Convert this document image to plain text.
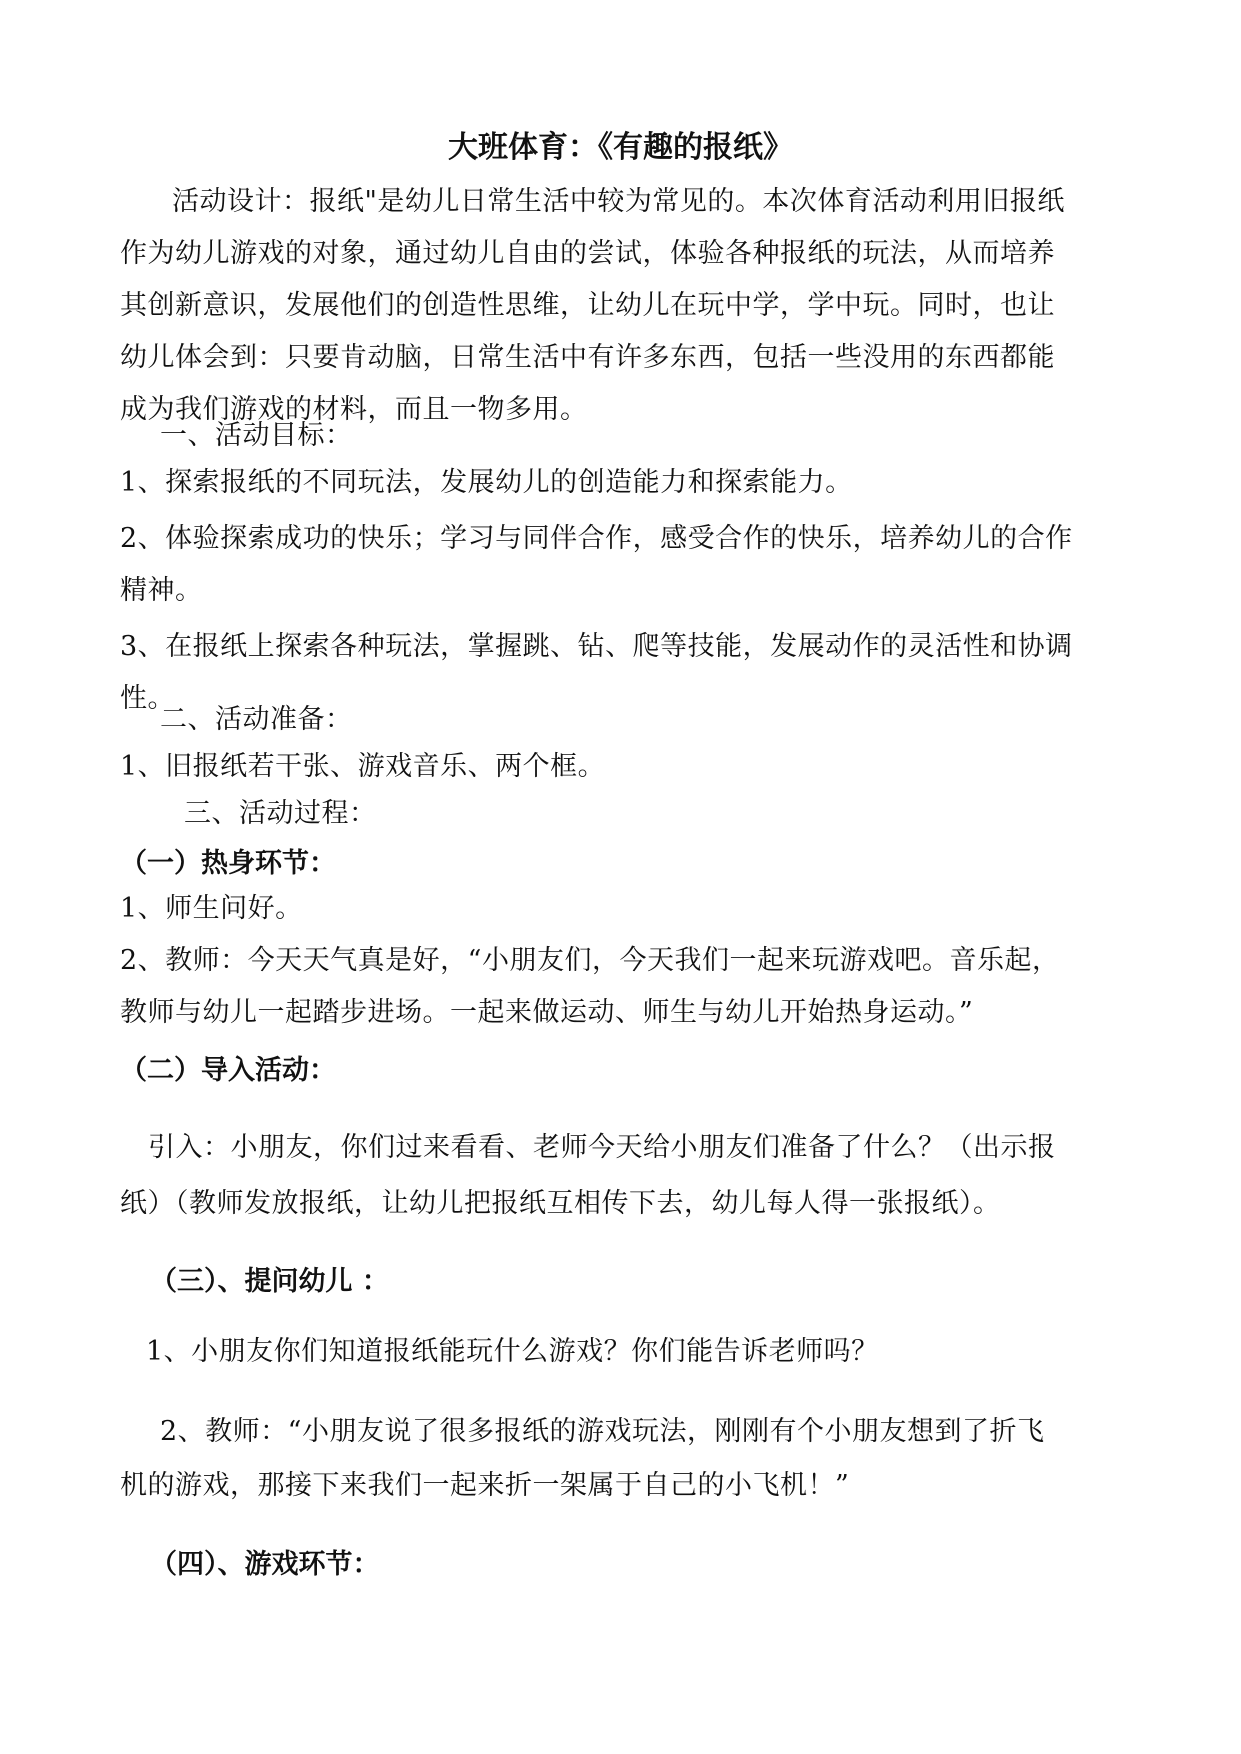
大班体育：《有趣的报纸》
活动设计：报纸"是幼儿日常生活中较为常见的。本次体育活动利用旧报纸
作为幼儿游戏的对象，通过幼儿自由的尝试，体验各种报纸的玩法，从而培养
其创新意识，发展他们的创造性思维，让幼儿在玩中学，学中玩。同时，也让
幼儿体会到：只要肯动脑，日常生活中有许多东西，包括一些没用的东西都能
成为我们游戏的材料，而且一物多用。

一、活动目标：

1、探索报纸的不同玩法，发展幼儿的创造能力和探索能力。
2、体验探索成功的快乐；学习与同伴合作，感受合作的快乐，培养幼儿的合作
精神。
3、在报纸上探索各种玩法，掌握跳、钻、爬等技能，发展动作的灵活性和协调
性。

二、活动准备：

1、旧报纸若干张、游戏音乐、两个框。

三、活动过程：

（一）热身环节：

1、师生问好。
2、教师：今天天气真是好，“小朋友们，今天我们一起来玩游戏吧。音乐起，
教师与幼儿一起踏步进场。一起来做运动、师生与幼儿开始热身运动。”

（二）导入活动：

引入：小朋友，你们过来看看、老师今天给小朋友们准备了什么？（出示报
纸）（教师发放报纸，让幼儿把报纸互相传下去，幼儿每人得一张报纸）。

（三）、提问幼儿 ：

1、小朋友你们知道报纸能玩什么游戏？你们能告诉老师吗？

2、教师：“小朋友说了很多报纸的游戏玩法，刚刚有个小朋友想到了折飞
机的游戏，那接下来我们一起来折一架属于自己的小飞机！”

（四）、游戏环节：
